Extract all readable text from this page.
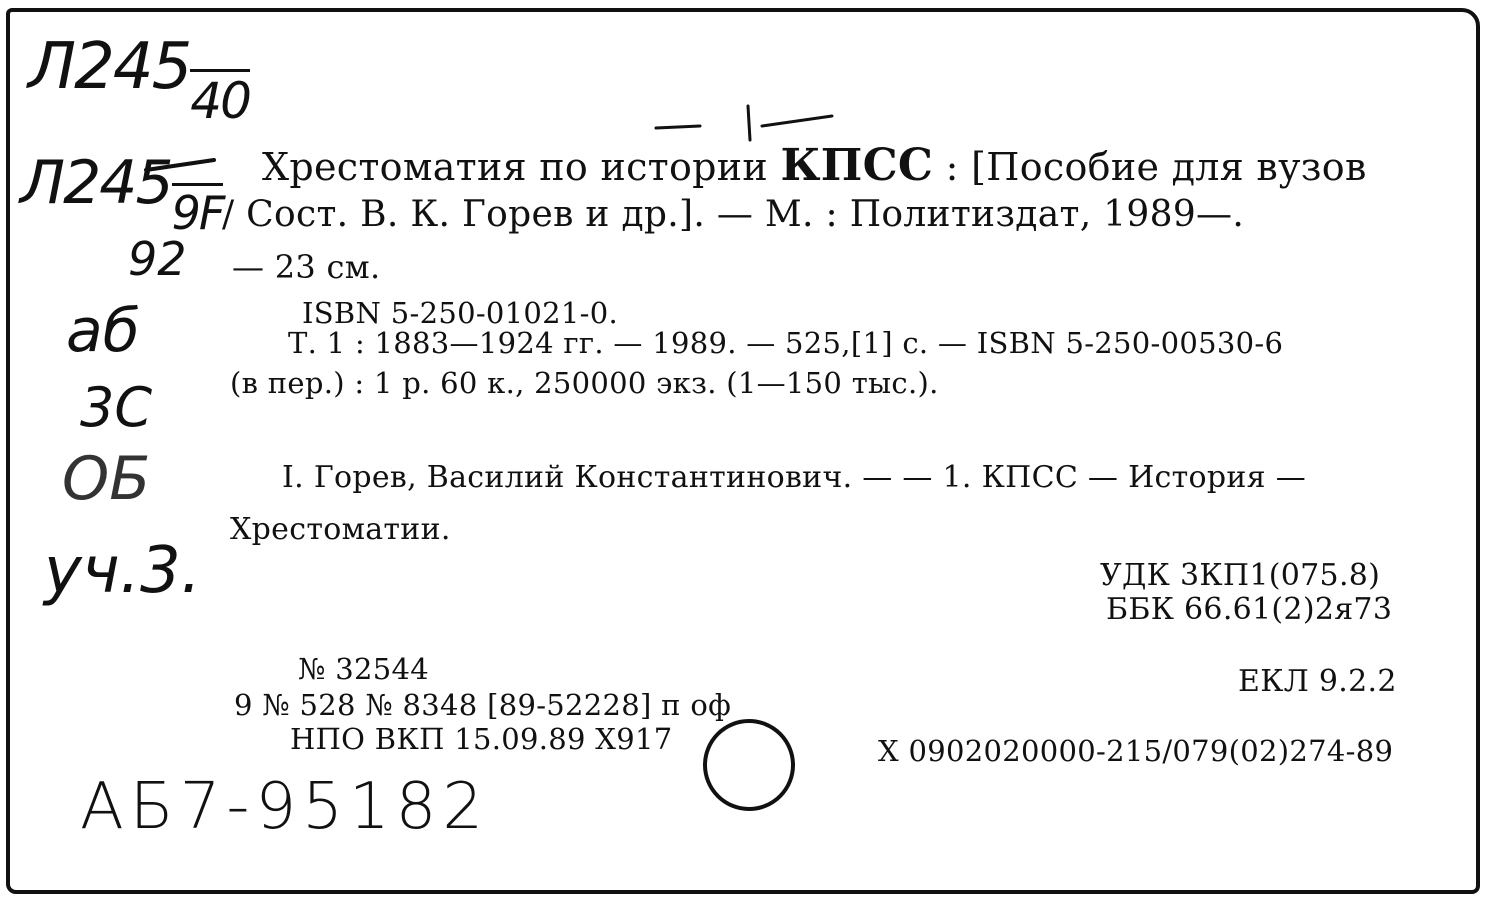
$Л245_{40}$
$Л245_{9F}$
92
аб
3С
ОБ
уч.3.
АБ7-95182
Хрестоматия по истории КПСС : [Пособие для вузов
/ Сост. В. К. Горев и др.]. — М. : Политиздат, 1989—.
— 23 см.
ISBN 5-250-01021-0.
Т. 1 : 1883—1924 гг. — 1989. — 525,[1] с. — ISBN 5-250-00530-6
(в пер.) : 1 р. 60 к., 250000 экз. (1—150 тыс.).
I. Горев, Василий Константинович. — — 1. КПСС — История —
Хрестоматии.
УДК 3КП1(075.8)
ББК 66.61(2)2я73
ЕКЛ 9.2.2
Х 0902020000-215/079(02)274-89
№ 32544
9 № 528 № 8348 [89-52228] п оф
НПО ВКП 15.09.89 Х917
